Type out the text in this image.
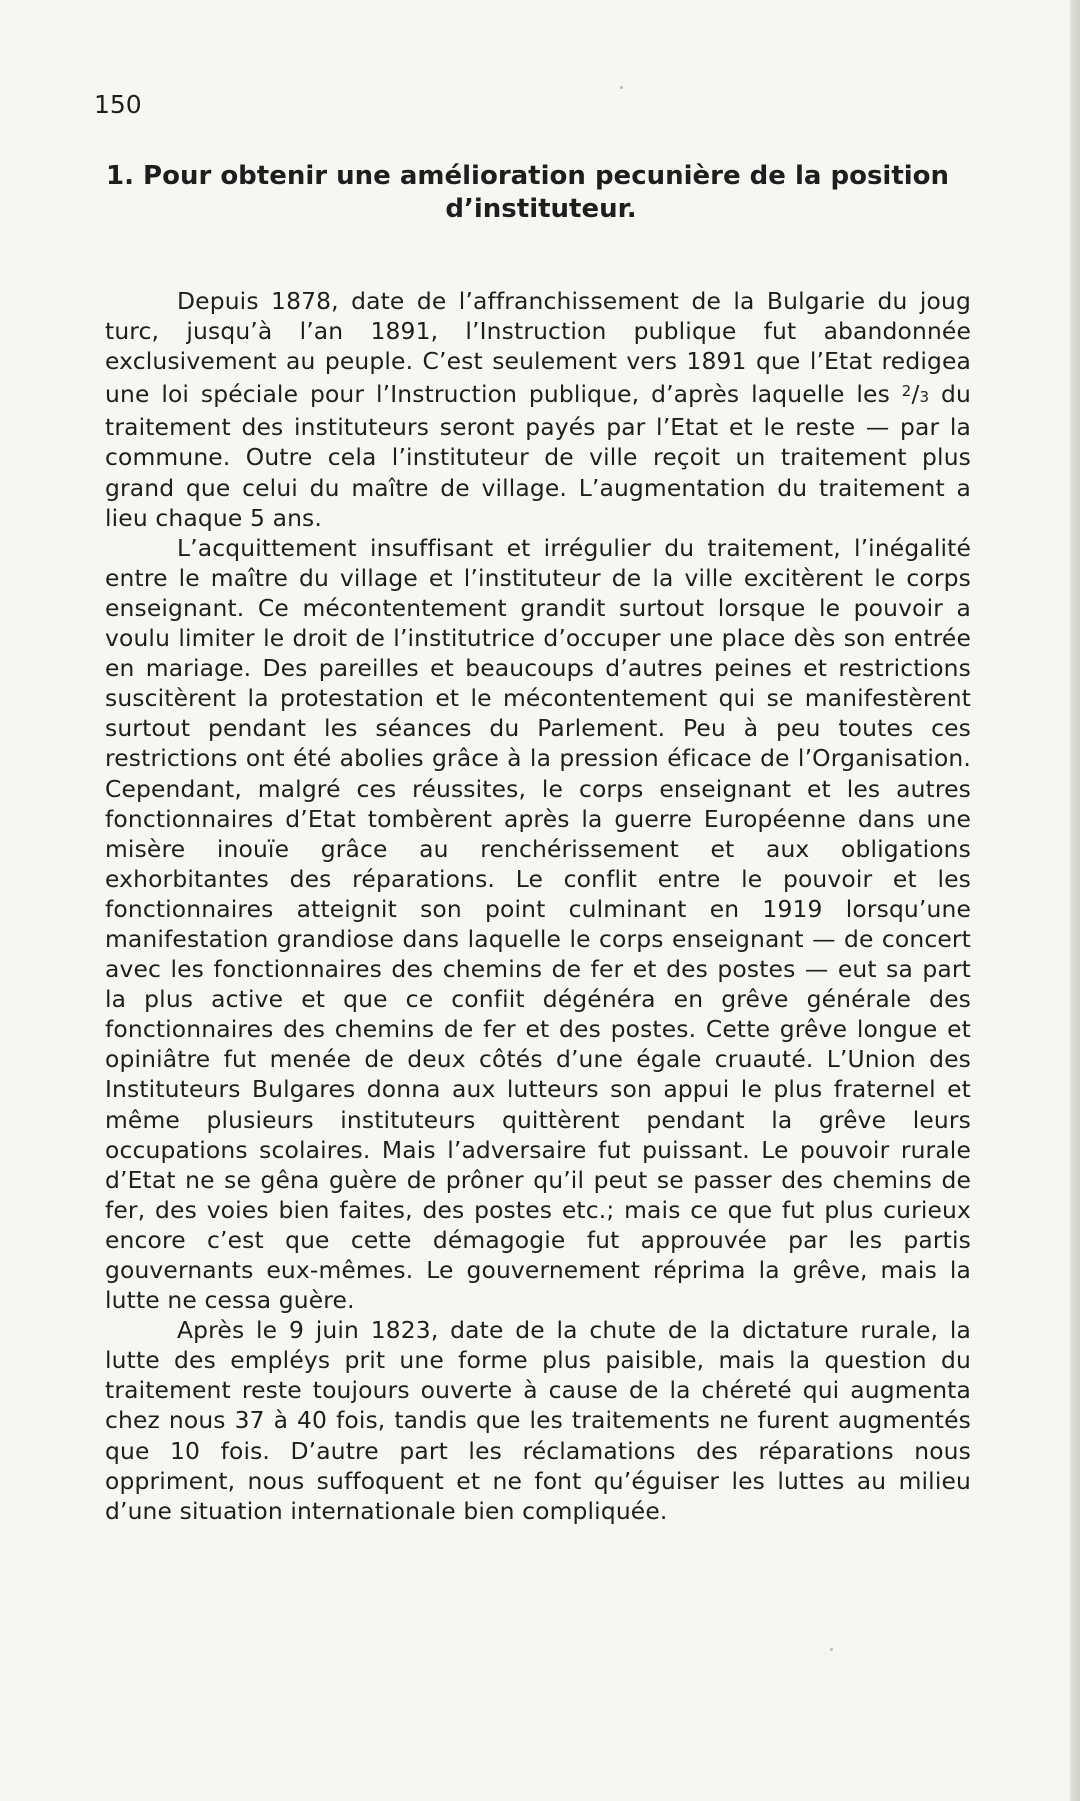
150
1. Pour obtenir une amélioration pecunière de la position
d’instituteur.

Depuis 1878, date de l’affranchissement de la Bulgarie du joug turc, jusqu’à l’an 1891, l’Instruction publique fut abandonnée exclusivement au peuple. C’est seulement vers 1891 que l’Etat redigea une loi spéciale pour l’Instruction publique, d’après laquelle les $^2$/3 du traitement des instituteurs seront payés par l’Etat et le reste — par la commune. Outre cela l’instituteur de ville reçoit un traitement plus grand que celui du maître de village. L’augmentation du traitement a lieu chaque 5 ans.

L’acquittement insuffisant et irrégulier du traitement, l’inégalité entre le maître du village et l’instituteur de la ville excitèrent le corps enseignant. Ce mécontentement grandit surtout lorsque le pouvoir a voulu limiter le droit de l’institutrice d’occuper une place dès son entrée en mariage. Des pareilles et beaucoups d’autres peines et restrictions suscitèrent la protestation et le mécontentement qui se manifestèrent surtout pendant les séances du Parlement. Peu à peu toutes ces restrictions ont été abolies grâce à la pression éficace de l’Organisation. Cependant, malgré ces réussites, le corps enseignant et les autres fonctionnaires d’Etat tombèrent après la guerre Européenne dans une misère inouïe grâce au renchérissement et aux obligations exhorbitantes des réparations. Le conflit entre le pouvoir et les fonctionnaires atteignit son point culminant en 1919 lorsqu’une manifestation grandiose dans laquelle le corps enseignant — de concert avec les fonctionnaires des chemins de fer et des postes — eut sa part la plus active et que ce confiit dégénéra en grêve générale des fonctionnaires des chemins de fer et des postes. Cette grêve longue et opiniâtre fut menée de deux côtés d’une égale cruauté. L’Union des Instituteurs Bulgares donna aux lutteurs son appui le plus fraternel et même plusieurs instituteurs quittèrent pendant la grêve leurs occupations scolaires. Mais l’adversaire fut puissant. Le pouvoir rurale d’Etat ne se gêna guère de prôner qu’il peut se passer des chemins de fer, des voies bien faites, des postes etc.; mais ce que fut plus curieux encore c’est que cette démagogie fut approuvée par les partis gouvernants eux-mêmes. Le gouvernement réprima la grêve, mais la lutte ne cessa guère.

Après le 9 juin 1823, date de la chute de la dictature rurale, la lutte des empléys prit une forme plus paisible, mais la question du traitement reste toujours ouverte à cause de la chéreté qui augmenta chez nous 37 à 40 fois, tandis que les traitements ne furent augmentés que 10 fois. D’autre part les réclamations des réparations nous oppriment, nous suffoquent et ne font qu’éguiser les luttes au milieu d’une situation internationale bien compliquée.
